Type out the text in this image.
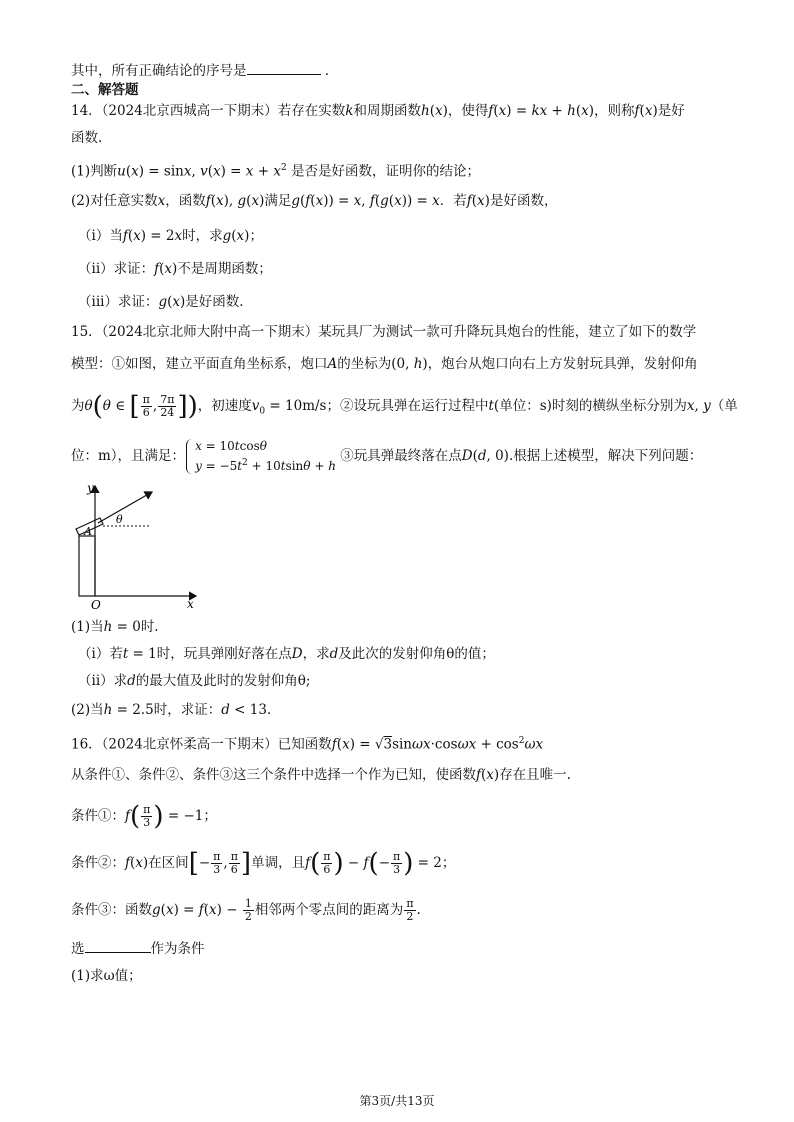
其中，所有正确结论的序号是	.
二、解答题
14．（2024北京西城高一下期末）若存在实数k和周期函数h(x)，使得f(x) = kx + h(x)，则称f(x)是好
函数.
(1)判断u(x) = sinx, $v(x) = x + x^2$ 是否是好函数，证明你的结论；
(2)对任意实数x，函数f(x), g(x)满足g(f(x)) = x, f(g(x)) = x．若f(x)是好函数，
（i）当f(x) = 2x时，求g(x)；
（ii）求证：f(x)不是周期函数；
（iii）求证：g(x)是好函数.
15．（2024北京北师大附中高一下期末）某玩具厂为测试一款可升降玩具炮台的性能，建立了如下的数学
模型：①如图，建立平面直角坐标系，炮口A的坐标为(0, h)，炮台从炮口向右上方发射玩具弹，发射仰角
为θ(θ ∈ [ $\frac{\pi}{6}$ , $\frac{7\pi}{24}$ ])，初速度$v_0 = 10m/s$；②设玩具弹在运行过程中t(单位：s)时刻的横纵坐标分别为x, y（单
位：m），且满足：
x = 10tcosθ
$y = -5t^2 + 10tsin\theta + h$
③玩具弹最终落在点D(d, 0).根据上述模型，解决下列问题：
y
x
O
A
θ
(1)当h = 0时.
（i）若t = 1时，玩具弹刚好落在点D，求d及此次的发射仰角θ的值；
（ii）求d的最大值及此时的发射仰角θ;
(2)当h = 2.5时，求证：d < 13.
16．（2024北京怀柔高一下期末）已知函数$f(x) = √3\sin\omega x\cdot\cos\omega x + \cos^2\omega x$
从条件①、条件②、条件③这三个条件中选择一个作为已知，使函数f(x)存在且唯一.
条件①：$f( \frac{\pi}{3}$ ) = −1；
条件②：f(x)在区间[− $\frac{\pi}{3}$ , $\frac{\pi}{6}$ ]单调，且$f( \frac{\pi}{6}$ ) − $f(- \frac{\pi}{3}$ ) = 2；
条件③：函数$g(x) = f(x) - \frac{1}{2}$ 相邻两个零点间的距离为 $\frac{\pi}{2}$ .
选	作为条件
(1)求ω值；
第3页/共13页
